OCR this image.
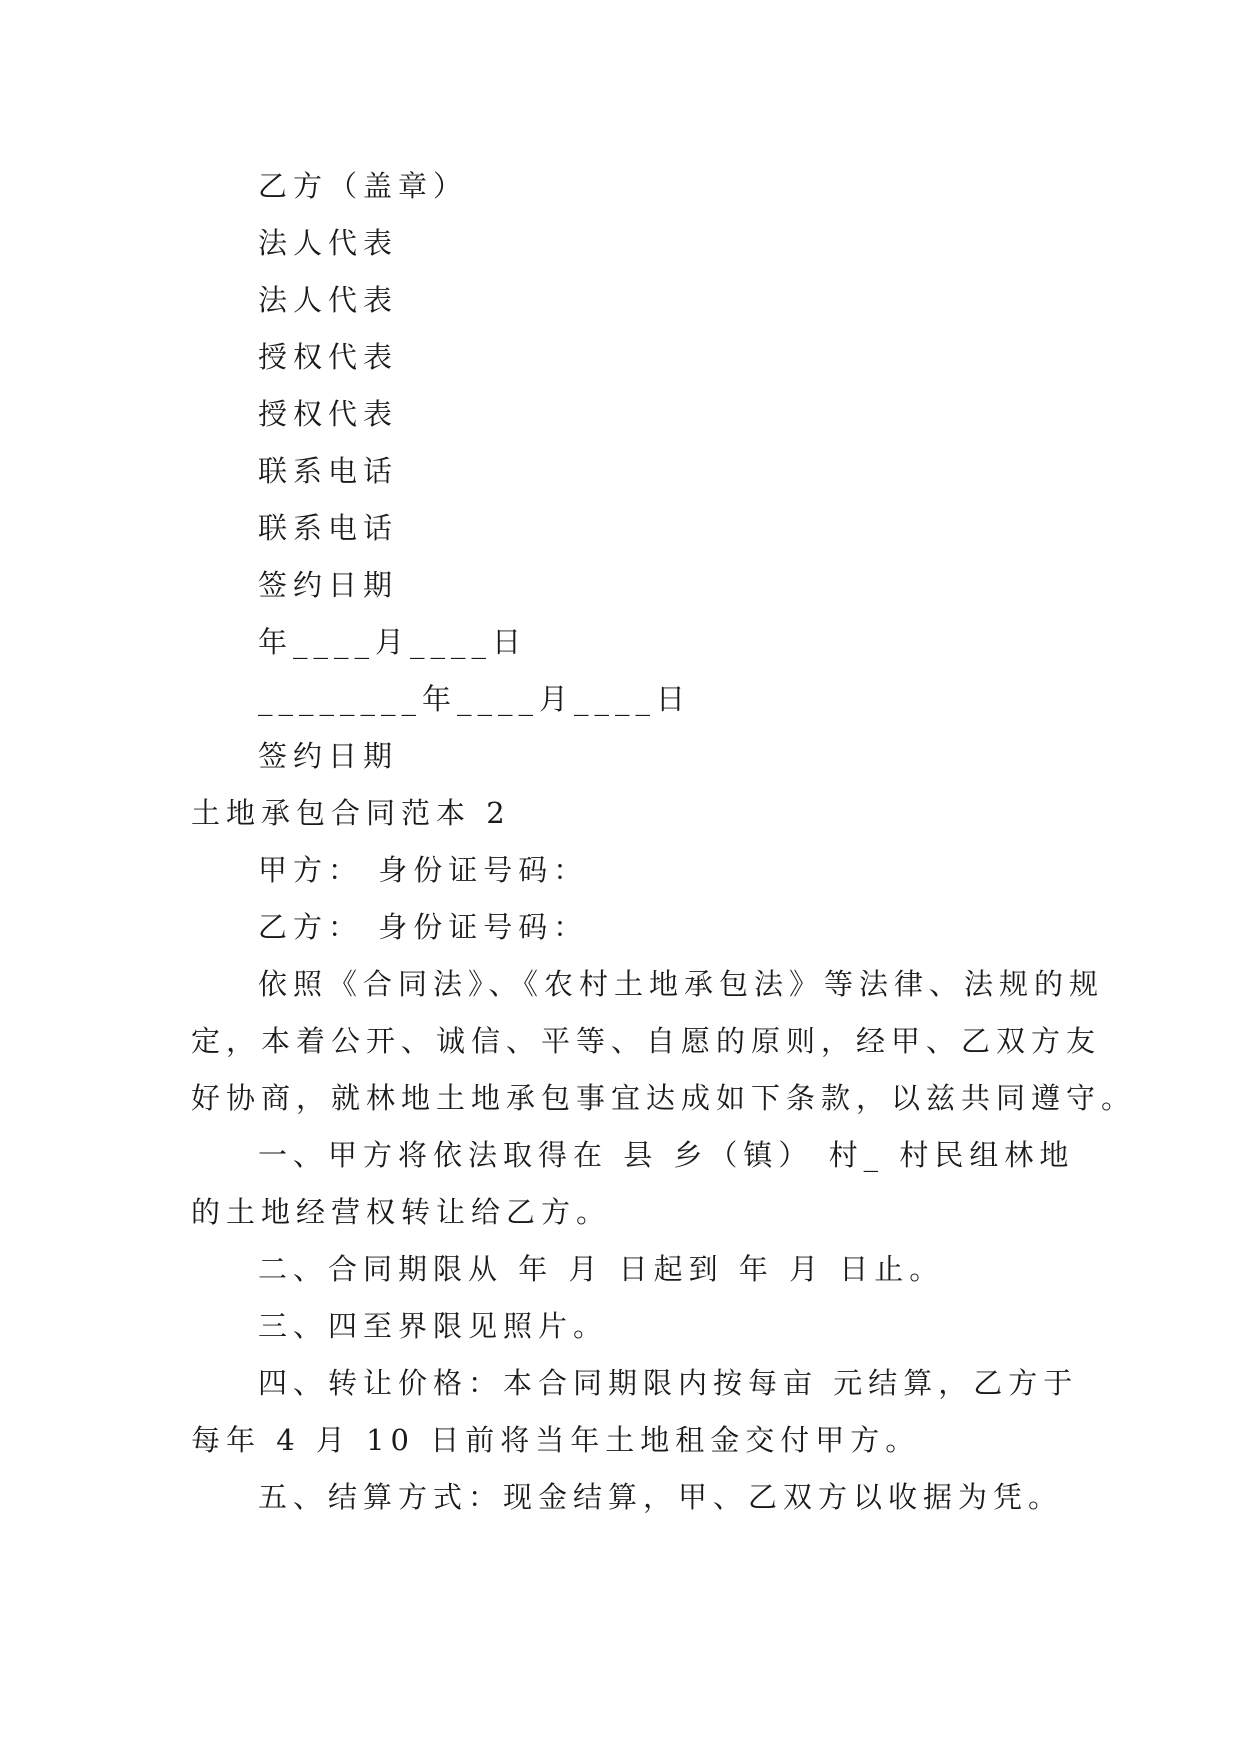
乙方（盖章）

法人代表

法人代表

授权代表

授权代表

联系电话

联系电话

签约日期

年____月____日

________年____月____日

签约日期

土地承包合同范本 2

甲方： 身份证号码：

乙方： 身份证号码：

依照《合同法》、《农村土地承包法》等法律、法规的规

定，本着公开、诚信、平等、自愿的原则，经甲、乙双方友

好协商，就林地土地承包事宜达成如下条款，以兹共同遵守。

一、甲方将依法取得在 县 乡（镇） 村_ 村民组林地

的土地经营权转让给乙方。

二、合同期限从 年 月 日起到 年 月 日止。

三、四至界限见照片。

四、转让价格：本合同期限内按每亩 元结算，乙方于

每年 4 月 10 日前将当年土地租金交付甲方。

五、结算方式：现金结算，甲、乙双方以收据为凭。
